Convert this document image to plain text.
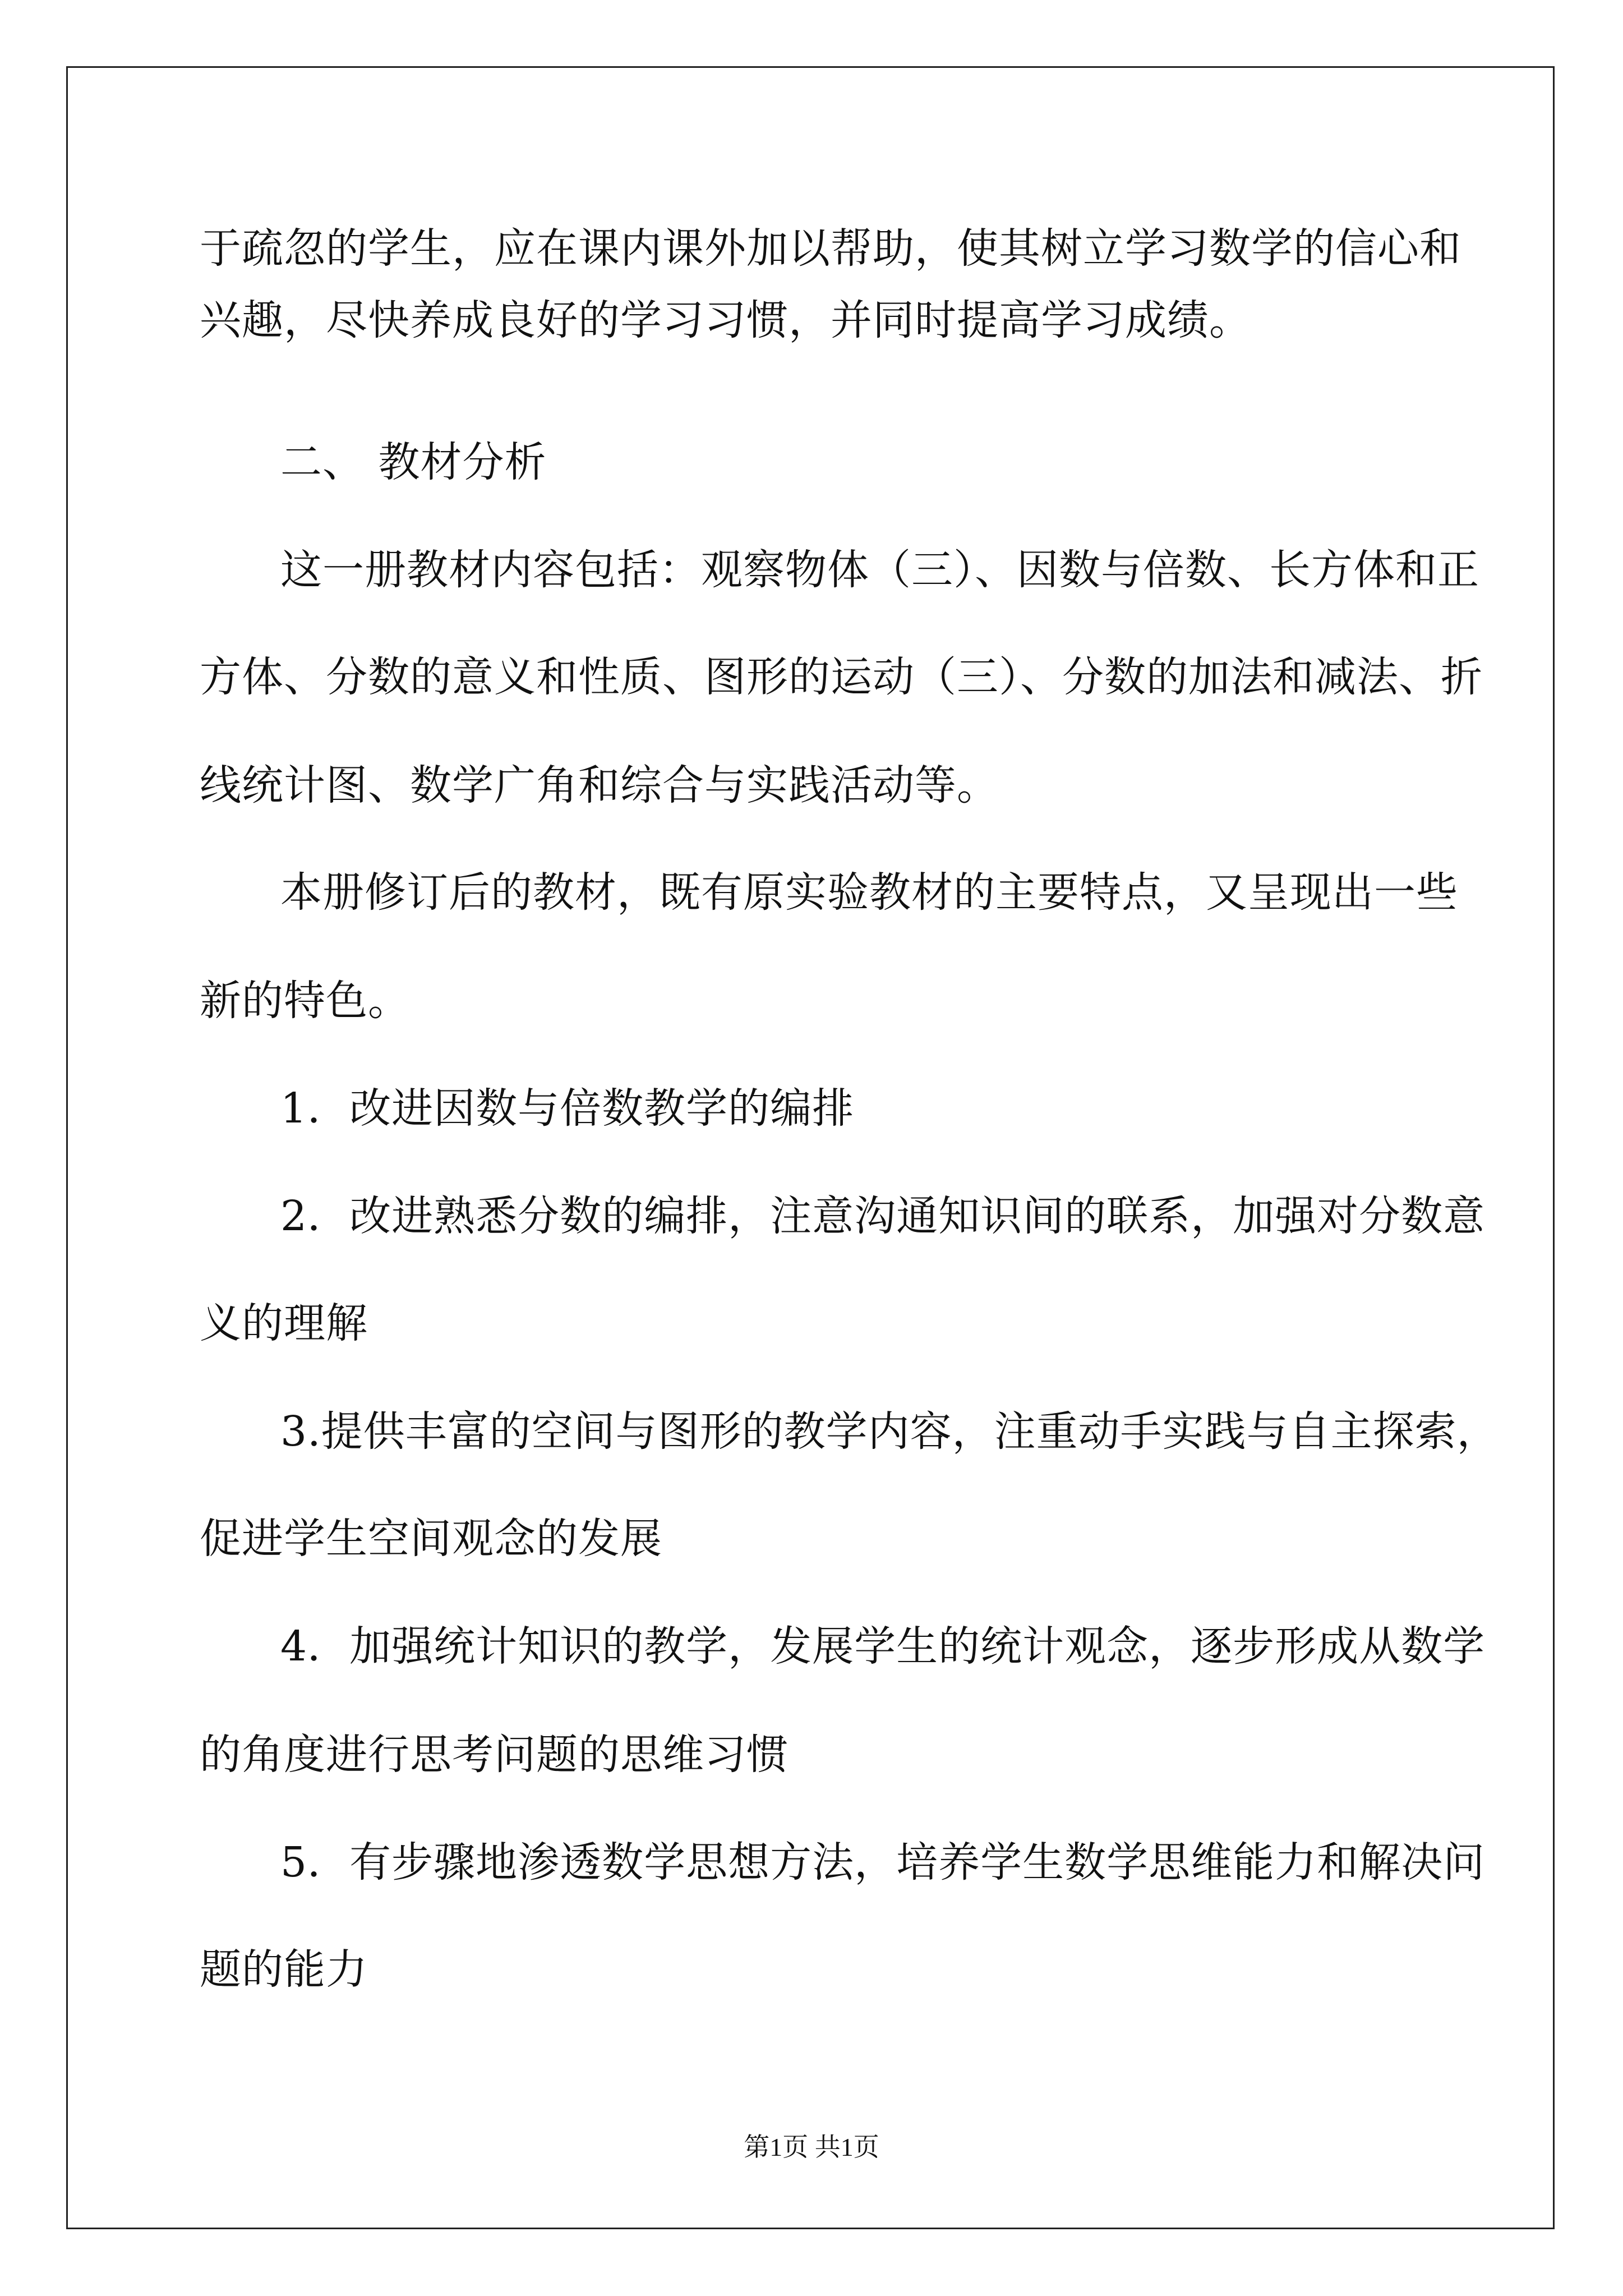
于疏忽的学生，应在课内课外加以帮助，使其树立学习数学的信心和
兴趣，尽快养成良好的学习习惯，并同时提高学习成绩。
二、 教材分析
这一册教材内容包括：观察物体（三）、因数与倍数、长方体和正
方体、分数的意义和性质、图形的运动（三）、分数的加法和减法、折
线统计图、数学广角和综合与实践活动等。
本册修订后的教材，既有原实验教材的主要特点，又呈现出一些
新的特色。
1．改进因数与倍数教学的编排
2．改进熟悉分数的编排，注意沟通知识间的联系，加强对分数意
义的理解
3.提供丰富的空间与图形的教学内容，注重动手实践与自主探索，
促进学生空间观念的发展
4．加强统计知识的教学，发展学生的统计观念，逐步形成从数学
的角度进行思考问题的思维习惯
5．有步骤地渗透数学思想方法，培养学生数学思维能力和解决问
题的能力
第1页 共1页
